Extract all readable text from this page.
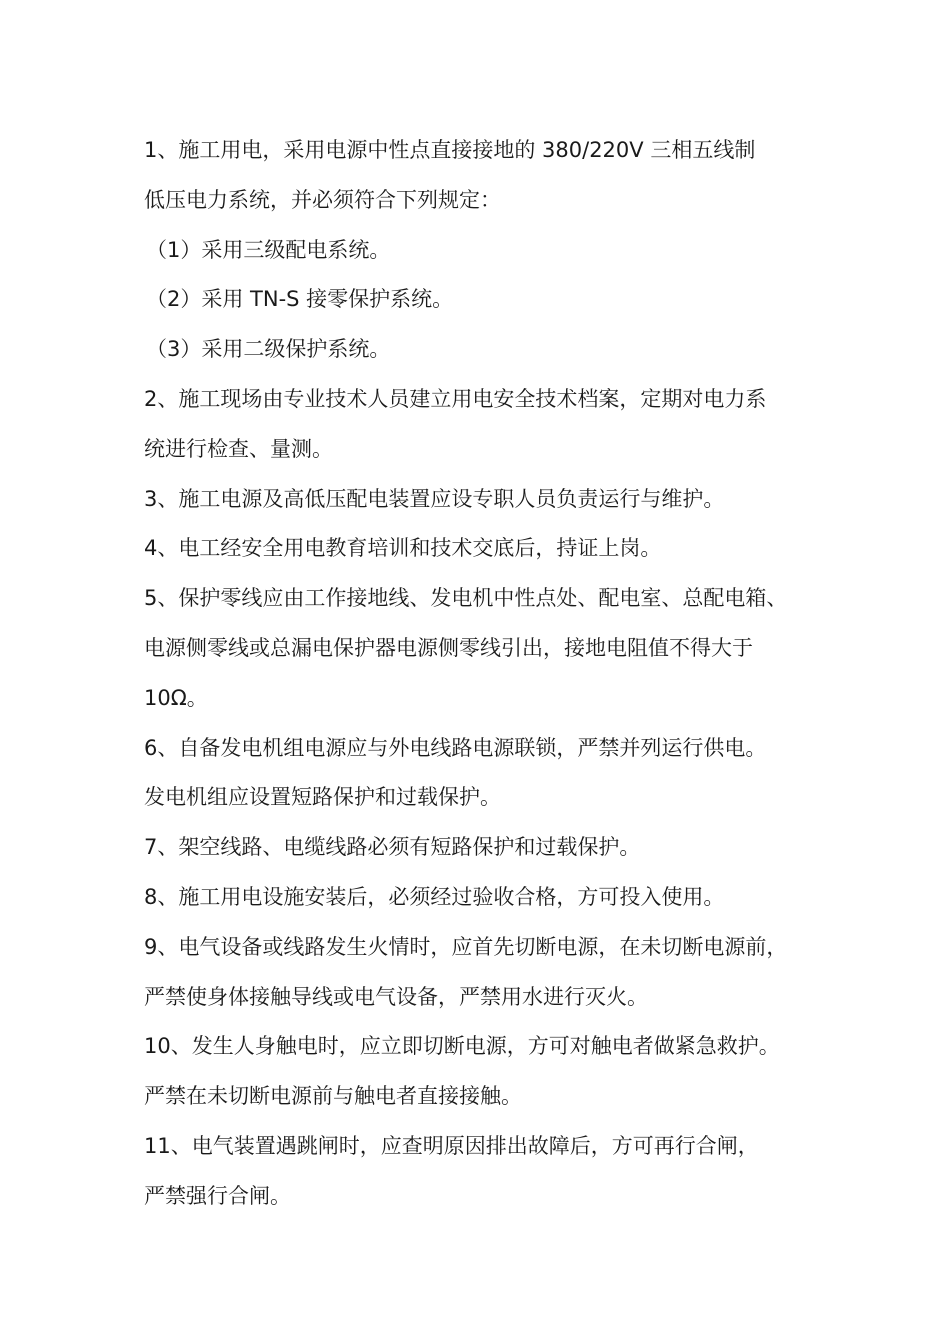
1、施工用电，采用电源中性点直接接地的 380/220V 三相五线制
低压电力系统，并必须符合下列规定：
（1）采用三级配电系统。
（2）采用 TN-S 接零保护系统。
（3）采用二级保护系统。
2、施工现场由专业技术人员建立用电安全技术档案，定期对电力系
统进行检查、量测。
3、施工电源及高低压配电装置应设专职人员负责运行与维护。
4、电工经安全用电教育培训和技术交底后，持证上岗。
5、保护零线应由工作接地线、发电机中性点处、配电室、总配电箱、
电源侧零线或总漏电保护器电源侧零线引出，接地电阻值不得大于
10Ω。
6、自备发电机组电源应与外电线路电源联锁，严禁并列运行供电。
发电机组应设置短路保护和过载保护。
7、架空线路、电缆线路必须有短路保护和过载保护。
8、施工用电设施安装后，必须经过验收合格，方可投入使用。
9、电气设备或线路发生火情时，应首先切断电源，在未切断电源前，
严禁使身体接触导线或电气设备，严禁用水进行灭火。
10、发生人身触电时，应立即切断电源，方可对触电者做紧急救护。
严禁在未切断电源前与触电者直接接触。
11、电气装置遇跳闸时，应查明原因排出故障后，方可再行合闸，
严禁强行合闸。
